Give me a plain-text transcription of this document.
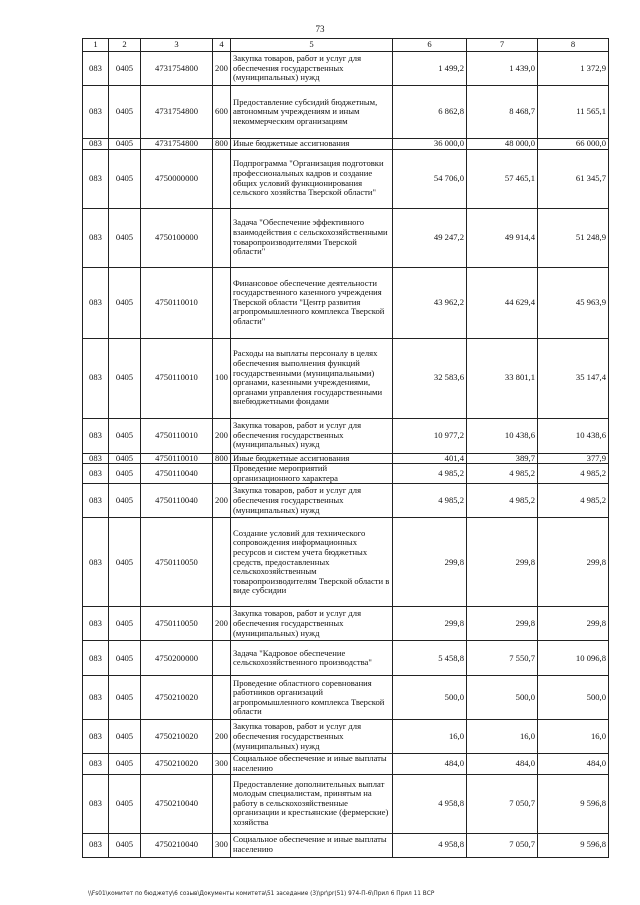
73
1	2	3	4	5	6	7	8
083	0405	4731754800	200	Закупка товаров, работ и услуг для обеспечения государственных (муниципальных) нужд	1 499,2	1 439,0	1 372,9
083	0405	4731754800	600	Предоставление субсидий бюджетным, автономным учреждениям и иным некоммерческим организациям	6 862,8	8 468,7	11 565,1
083	0405	4731754800	800	Иные бюджетные ассигнования	36 000,0	48 000,0	66 000,0
083	0405	4750000000		Подпрограмма "Организация подготовки профессиональных кадров и создание общих условий функционирования сельского хозяйства Тверской области"	54 706,0	57 465,1	61 345,7
083	0405	4750100000		Задача "Обеспечение эффективного взаимодействия с сельскохозяйственными товаропроизводителями Тверской области"	49 247,2	49 914,4	51 248,9
083	0405	4750110010		Финансовое обеспечение деятельности государственного казенного учреждения Тверской области "Центр развития агропромышленного комплекса Тверской области"	43 962,2	44 629,4	45 963,9
083	0405	4750110010	100	Расходы на выплаты персоналу в целях обеспечения выполнения функций государственными (муниципальными) органами, казенными учреждениями, органами управления государственными внебюджетными фондами	32 583,6	33 801,1	35 147,4
083	0405	4750110010	200	Закупка товаров, работ и услуг для обеспечения государственных (муниципальных) нужд	10 977,2	10 438,6	10 438,6
083	0405	4750110010	800	Иные бюджетные ассигнования	401,4	389,7	377,9
083	0405	4750110040		Проведение мероприятий организационного характера	4 985,2	4 985,2	4 985,2
083	0405	4750110040	200	Закупка товаров, работ и услуг для обеспечения государственных (муниципальных) нужд	4 985,2	4 985,2	4 985,2
083	0405	4750110050		Создание условий для технического сопровождения информационных ресурсов и систем учета бюджетных средств, предоставленных сельскохозяйственным товаропроизводителям Тверской области в виде субсидии	299,8	299,8	299,8
083	0405	4750110050	200	Закупка товаров, работ и услуг для обеспечения государственных (муниципальных) нужд	299,8	299,8	299,8
083	0405	4750200000		Задача "Кадровое обеспечение сельскохозяйственного производства"	5 458,8	7 550,7	10 096,8
083	0405	4750210020		Проведение областного соревнования работников организаций агропромышленного комплекса Тверской области	500,0	500,0	500,0
083	0405	4750210020	200	Закупка товаров, работ и услуг для обеспечения государственных (муниципальных) нужд	16,0	16,0	16,0
083	0405	4750210020	300	Социальное обеспечение и иные выплаты населению	484,0	484,0	484,0
083	0405	4750210040		Предоставление дополнительных выплат молодым специалистам, принятым на работу в сельскохозяйственные организации и крестьянские (фермерские) хозяйства	4 958,8	7 050,7	9 596,8
083	0405	4750210040	300	Социальное обеспечение и иные выплаты населению	4 958,8	7 050,7	9 596,8
\\Fs01\комитет по бюджету\6 созыв\Документы комитета\51 заседание (3)\pr\pr(51) 974-П-6\Прил 6 Прил 11 ВСР
